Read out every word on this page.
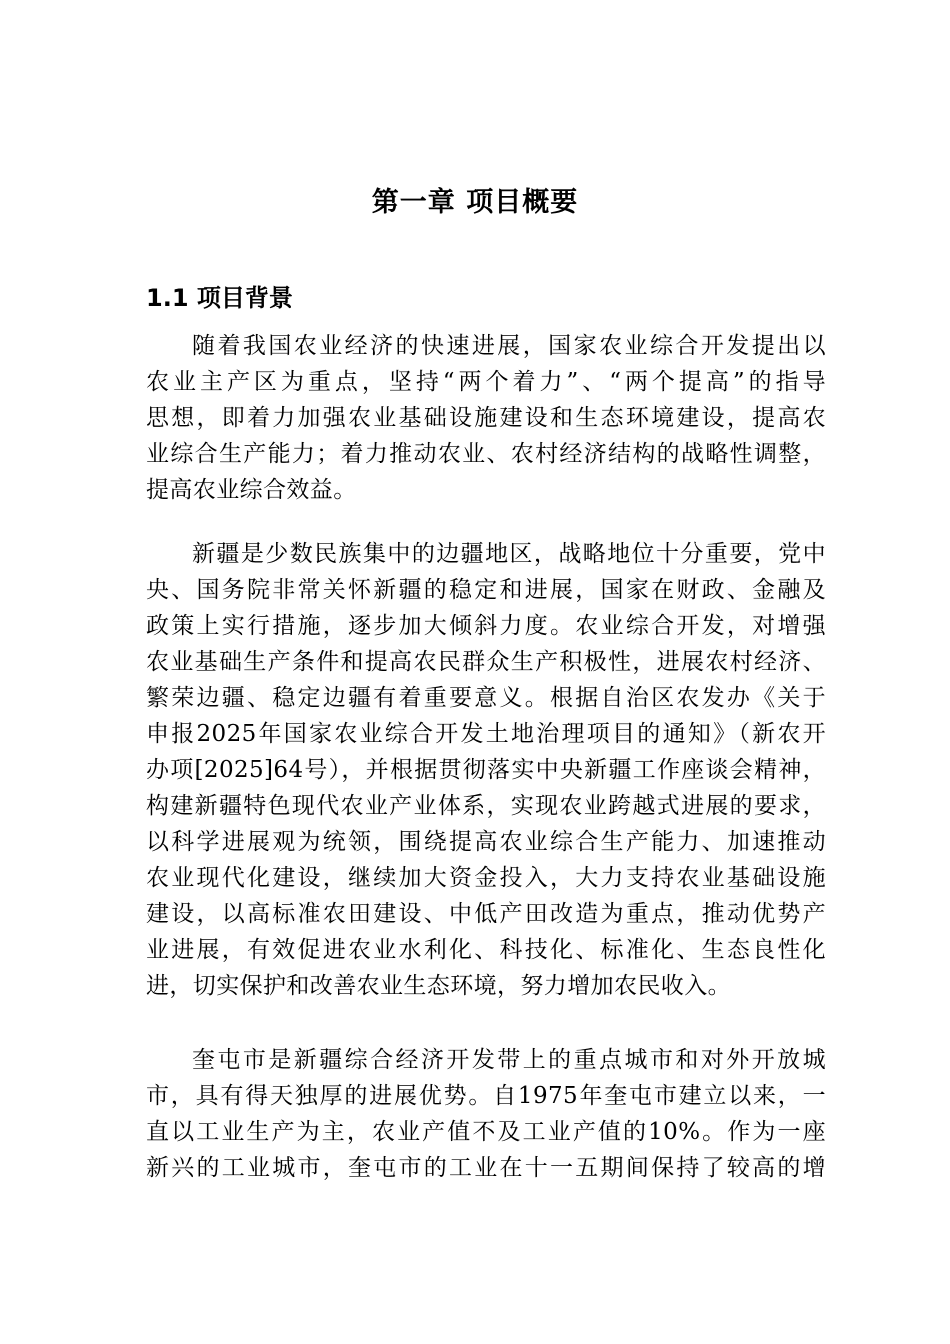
第一章 项目概要
1.1 项目背景
随着我国农业经济的快速进展，国家农业综合开发提出以
农业主产区为重点，坚持“两个着力”、“两个提高”的指导
思想，即着力加强农业基础设施建设和生态环境建设，提高农
业综合生产能力；着力推动农业、农村经济结构的战略性调整，
提高农业综合效益。
新疆是少数民族集中的边疆地区，战略地位十分重要，党中
央、国务院非常关怀新疆的稳定和进展，国家在财政、金融及
政策上实行措施，逐步加大倾斜力度。农业综合开发，对增强
农业基础生产条件和提高农民群众生产积极性，进展农村经济、
繁荣边疆、稳定边疆有着重要意义。根据自治区农发办《关于
申报2025年国家农业综合开发土地治理项目的通知》（新农开
办项[2025]64号），并根据贯彻落实中央新疆工作座谈会精神，
构建新疆特色现代农业产业体系，实现农业跨越式进展的要求，
以科学进展观为统领，围绕提高农业综合生产能力、加速推动
农业现代化建设，继续加大资金投入，大力支持农业基础设施
建设，以高标准农田建设、中低产田改造为重点，推动优势产
业进展，有效促进农业水利化、科技化、标准化、生态良性化
进，切实保护和改善农业生态环境，努力增加农民收入。
奎屯市是新疆综合经济开发带上的重点城市和对外开放城
市，具有得天独厚的进展优势。自1975年奎屯市建立以来，一
直以工业生产为主，农业产值不及工业产值的10%。作为一座
新兴的工业城市，奎屯市的工业在十一五期间保持了较高的增
